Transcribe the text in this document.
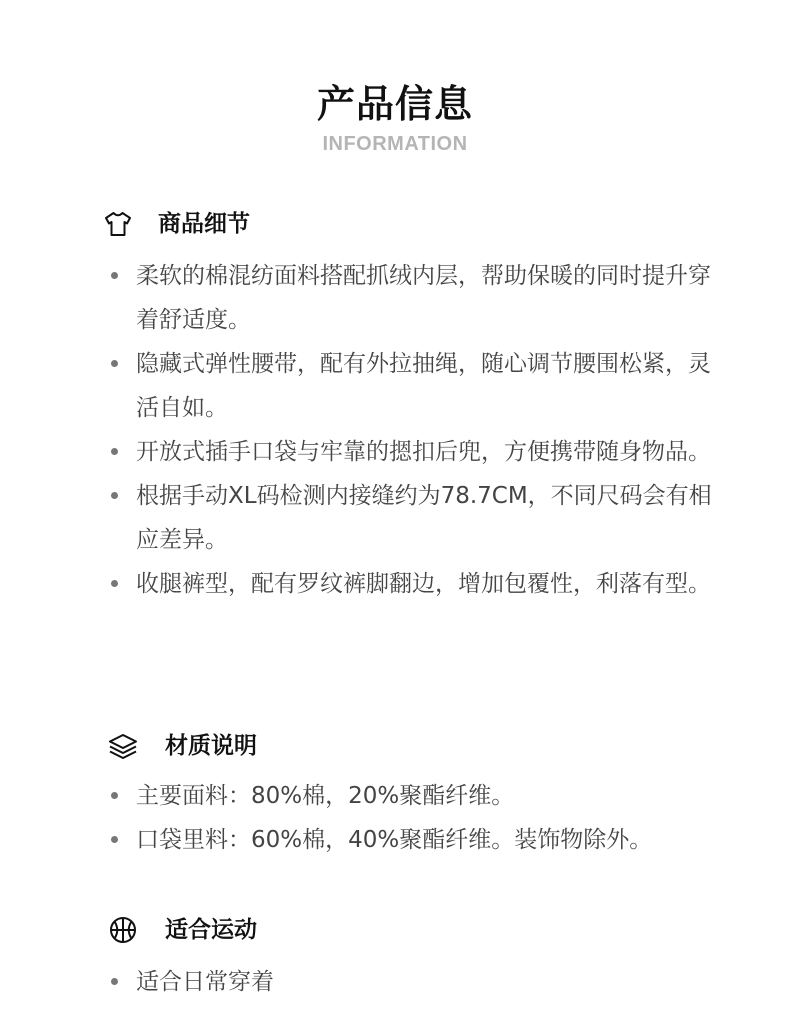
产品信息
INFORMATION
商品细节
柔软的棉混纺面料搭配抓绒内层，帮助保暖的同时提升穿着舒适度。
隐藏式弹性腰带，配有外拉抽绳，随心调节腰围松紧，灵活自如。
开放式插手口袋与牢靠的摁扣后兜，方便携带随身物品。
根据手动XL码检测内接缝约为78.7CM，不同尺码会有相应差异。
收腿裤型，配有罗纹裤脚翻边，增加包覆性，利落有型。
材质说明
主要面料：80%棉，20%聚酯纤维。
口袋里料：60%棉，40%聚酯纤维。装饰物除外。
适合运动
适合日常穿着
